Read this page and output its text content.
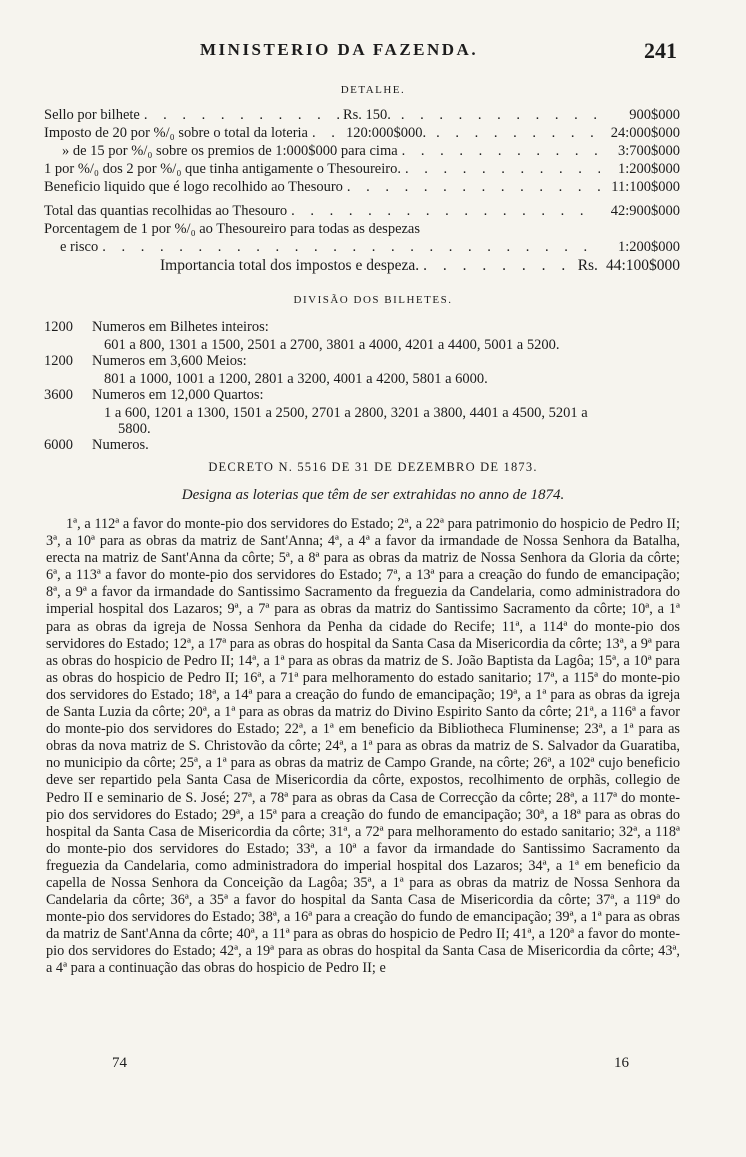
MINISTERIO DA FAZENDA.	241
DETALHE.
Sello por bilhete . . .	Rs. 150. . . .	900$000
Imposto de 20 por %/₀ sobre o total da loteria . . .	120:000$000. . . .	24:000$000
» de 15 por %/₀ sobre os premios de 1:000$000 para cima . . .	3:700$000
1 por %/₀ dos 2 por %/₀ que tinha antigamente o Thesoureiro. . . .	1:200$000
Beneficio liquido que é logo recolhido ao Thesouro . . .	11:100$000
Total das quantias recolhidas ao Thesouro . . .	42:900$000
Porcentagem de 1 por %/₀ ao Thesoureiro para todas as despezas
e risco . . .	1:200$000
Importancia total dos impostos e despeza. . . .	Rs. 44:100$000
DIVISÃO DOS BILHETES.
1200 Numeros em Bilhetes inteiros:
601 a 800, 1301 a 1500, 2501 a 2700, 3801 a 4000, 4201 a 4400, 5001 a 5200.
1200 Numeros em 3,600 Meios:
801 a 1000, 1001 a 1200, 2801 a 3200, 4001 a 4200, 5801 a 6000.
3600 Numeros em 12,000 Quartos:
1 a 600, 1201 a 1300, 1501 a 2500, 2701 a 2800, 3201 a 3800, 4401 a 4500, 5201 a
5800.
6000 Numeros.
DECRETO N. 5516 DE 31 DE DEZEMBRO DE 1873.
Designa as loterias que têm de ser extrahidas no anno de 1874.

1ª, a 112ª a favor do monte-pio dos servidores do Estado; 2ª, a 22ª para patrimonio do hospicio de Pedro II; 3ª, a 10ª para as obras da matriz de Sant'Anna; 4ª, a 4ª a favor da irmandade de Nossa Senhora da Batalha, erecta na matriz de Sant'Anna da côrte; 5ª, a 8ª para as obras da matriz de Nossa Senhora da Gloria da côrte; 6ª, a 113ª a favor do monte-pio dos servidores do Estado; 7ª, a 13ª para a creação do fundo de emancipação; 8ª, a 9ª a favor da irmandade do Santissimo Sacramento da freguezia da Candelaria, como administradora do imperial hospital dos Lazaros; 9ª, a 7ª para as obras da matriz do Santissimo Sacramento da côrte; 10ª, a 1ª para as obras da igreja de Nossa Senhora da Penha da cidade do Recife; 11ª, a 114ª do monte-pio dos servidores do Estado; 12ª, a 17ª para as obras do hospital da Santa Casa da Misericordia da côrte; 13ª, a 9ª para as obras do hospicio de Pedro II; 14ª, a 1ª para as obras da matriz de S. João Baptista da Lagôa; 15ª, a 10ª para as obras do hospicio de Pedro II; 16ª, a 71ª para melhoramento do estado sanitario; 17ª, a 115ª do monte-pio dos servidores do Estado; 18ª, a 14ª para a creação do fundo de emancipação; 19ª, a 1ª para as obras da igreja de Santa Luzia da côrte; 20ª, a 1ª para as obras da matriz do Divino Espirito Santo da côrte; 21ª, a 116ª a favor do monte-pio dos servidores do Estado; 22ª, a 1ª em beneficio da Bibliotheca Fluminense; 23ª, a 1ª para as obras da nova matriz de S. Christovão da côrte; 24ª, a 1ª para as obras da matriz de S. Salvador da Guaratiba, no municipio da côrte; 25ª, a 1ª para as obras da matriz de Campo Grande, na côrte; 26ª, a 102ª cujo beneficio deve ser repartido pela Santa Casa de Misericordia da côrte, expostos, recolhimento de orphãs, collegio de Pedro II e seminario de S. José; 27ª, a 78ª para as obras da Casa de Correcção da côrte; 28ª, a 117ª do monte-pio dos servidores do Estado; 29ª, a 15ª para a creação do fundo de emancipação; 30ª, a 18ª para as obras do hospital da Santa Casa de Misericordia da côrte; 31ª, a 72ª para melhoramento do estado sanitario; 32ª, a 118ª do monte-pio dos servidores do Estado; 33ª, a 10ª a favor da irmandade do Santissimo Sacramento da freguezia da Candelaria, como administradora do imperial hospital dos Lazaros; 34ª, a 1ª em beneficio da capella de Nossa Senhora da Conceição da Lagôa; 35ª, a 1ª para as obras da matriz de Nossa Senhora da Candelaria da côrte; 36ª, a 35ª a favor do hospital da Santa Casa de Misericordia da côrte; 37ª, a 119ª do monte-pio dos servidores do Estado; 38ª, a 16ª para a creação do fundo de emancipação; 39ª, a 1ª para as obras da matriz de Sant'Anna da côrte; 40ª, a 11ª para as obras do hospicio de Pedro II; 41ª, a 120ª a favor do monte-pio dos servidores do Estado; 42ª, a 19ª para as obras do hospital da Santa Casa de Misericordia da côrte; 43ª, a 4ª para a continuação das obras do hospicio de Pedro II; e

74	16
